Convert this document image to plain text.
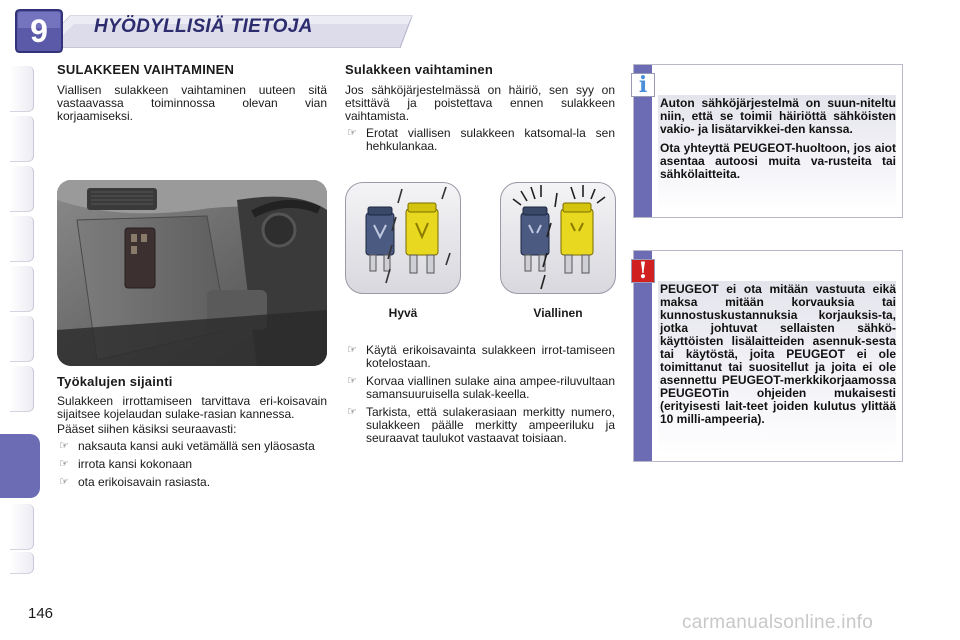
9	HYÖDYLLISIÄ TIETOJA
SULAKKEEN VAIHTAMINEN

Viallisen sulakkeen vaihtaminen uuteen sitä vastaavassa toiminnossa olevan vian korjaamiseksi.

Työkalujen sijainti

Sulakkeen irrottamiseen tarvittava eri-koisavain sijaitsee kojelaudan sulake-rasian kannessa.

Pääset siihen käsiksi seuraavasti:

☞ naksauta kansi auki vetämällä sen yläosasta
☞ irrota kansi kokonaan
☞ ota erikoisavain rasiasta.
Sulakkeen vaihtaminen

Jos sähköjärjestelmässä on häiriö, sen syy on etsittävä ja poistettava ennen sulakkeen vaihtamista.

☞ Erotat viallisen sulakkeen katsomal-la sen hehkulankaa.
Hyvä	Viallinen
☞ Käytä erikoisavainta sulakkeen irrot-tamiseen kotelostaan.
☞ Korvaa viallinen sulake aina ampee-riluvultaan samansuuruisella sulak-keella.
☞ Tarkista, että sulakerasiaan merkitty numero, sulakkeen päälle merkitty ampeeriluku ja seuraavat taulukot vastaavat toisiaan.
i

Auton sähköjärjestelmä on suun-niteltu niin, että se toimii häiriöttä sähköisten vakio- ja lisätarvikkei-den kanssa.

Ota yhteyttä PEUGEOT-huoltoon, jos aiot asentaa autoosi muita va-rusteita tai sähkölaitteita.

!

PEUGEOT ei ota mitään vastuuta eikä maksa mitään korvauksia tai kunnostuskustannuksia korjauksis-ta, jotka johtuvat sellaisten sähkö-käyttöisten lisälaitteiden asennuk-sesta tai käytöstä, joita PEUGEOT ei ole toimittanut tai suositellut ja joita ei ole asennettu PEUGEOT-merkkikorjaamossa PEUGEOTin ohjeiden mukaisesti (erityisesti lait-teet joiden kulutus ylittää 10 milli-ampeeria).

146	carmanualsonline.info
